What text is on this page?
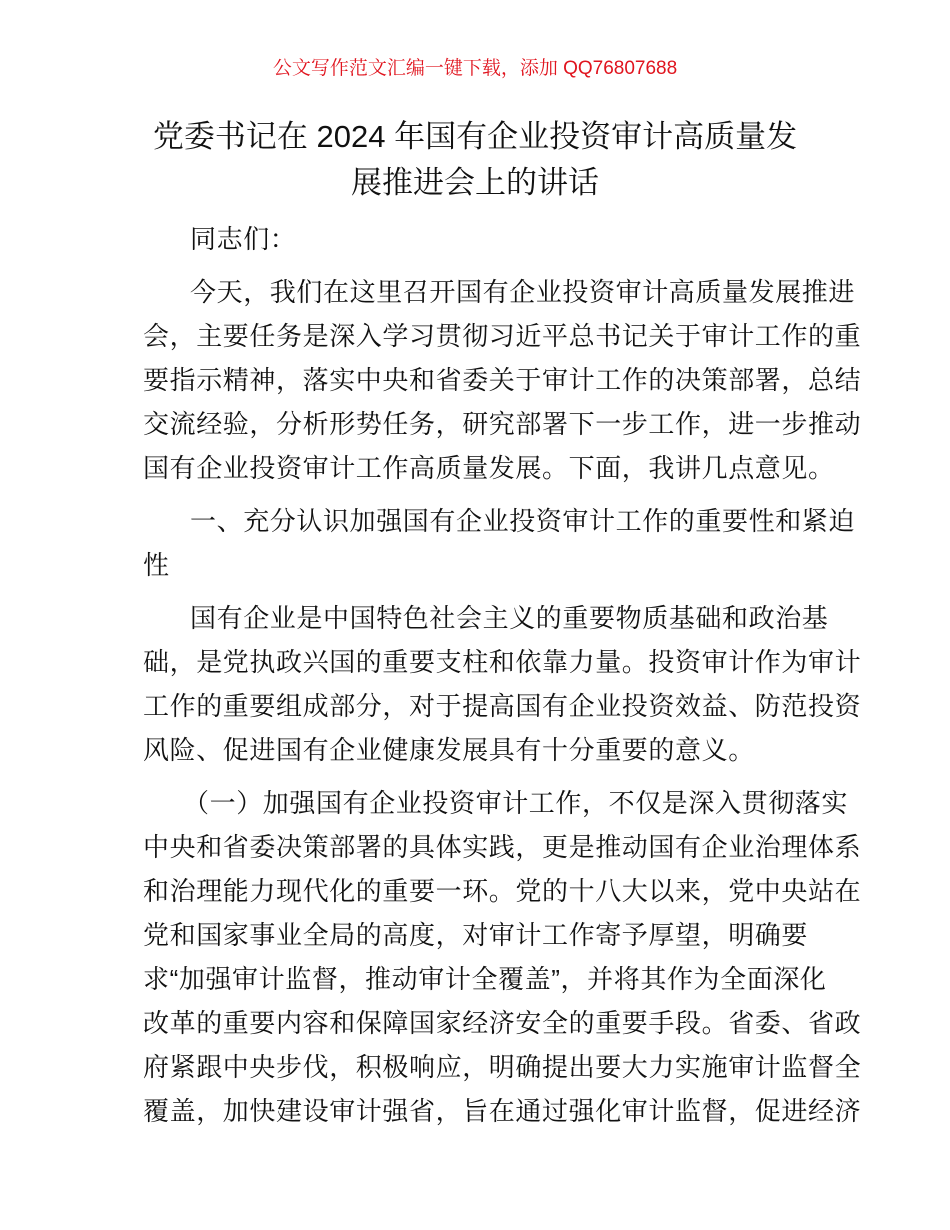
公文写作范文汇编一键下载，添加 QQ76807688
党委书记在 2024 年国有企业投资审计高质量发
展推进会上的讲话
同志们：
今天，我们在这里召开国有企业投资审计高质量发展推进
会，主要任务是深入学习贯彻习近平总书记关于审计工作的重
要指示精神，落实中央和省委关于审计工作的决策部署，总结
交流经验，分析形势任务，研究部署下一步工作，进一步推动
国有企业投资审计工作高质量发展。下面，我讲几点意见。
一、充分认识加强国有企业投资审计工作的重要性和紧迫
性
国有企业是中国特色社会主义的重要物质基础和政治基
础，是党执政兴国的重要支柱和依靠力量。投资审计作为审计
工作的重要组成部分，对于提高国有企业投资效益、防范投资
风险、促进国有企业健康发展具有十分重要的意义。
（一）加强国有企业投资审计工作，不仅是深入贯彻落实
中央和省委决策部署的具体实践，更是推动国有企业治理体系
和治理能力现代化的重要一环。党的十八大以来，党中央站在
党和国家事业全局的高度，对审计工作寄予厚望，明确要
求“加强审计监督，推动审计全覆盖”，并将其作为全面深化
改革的重要内容和保障国家经济安全的重要手段。省委、省政
府紧跟中央步伐，积极响应，明确提出要大力实施审计监督全
覆盖，加快建设审计强省，旨在通过强化审计监督，促进经济
